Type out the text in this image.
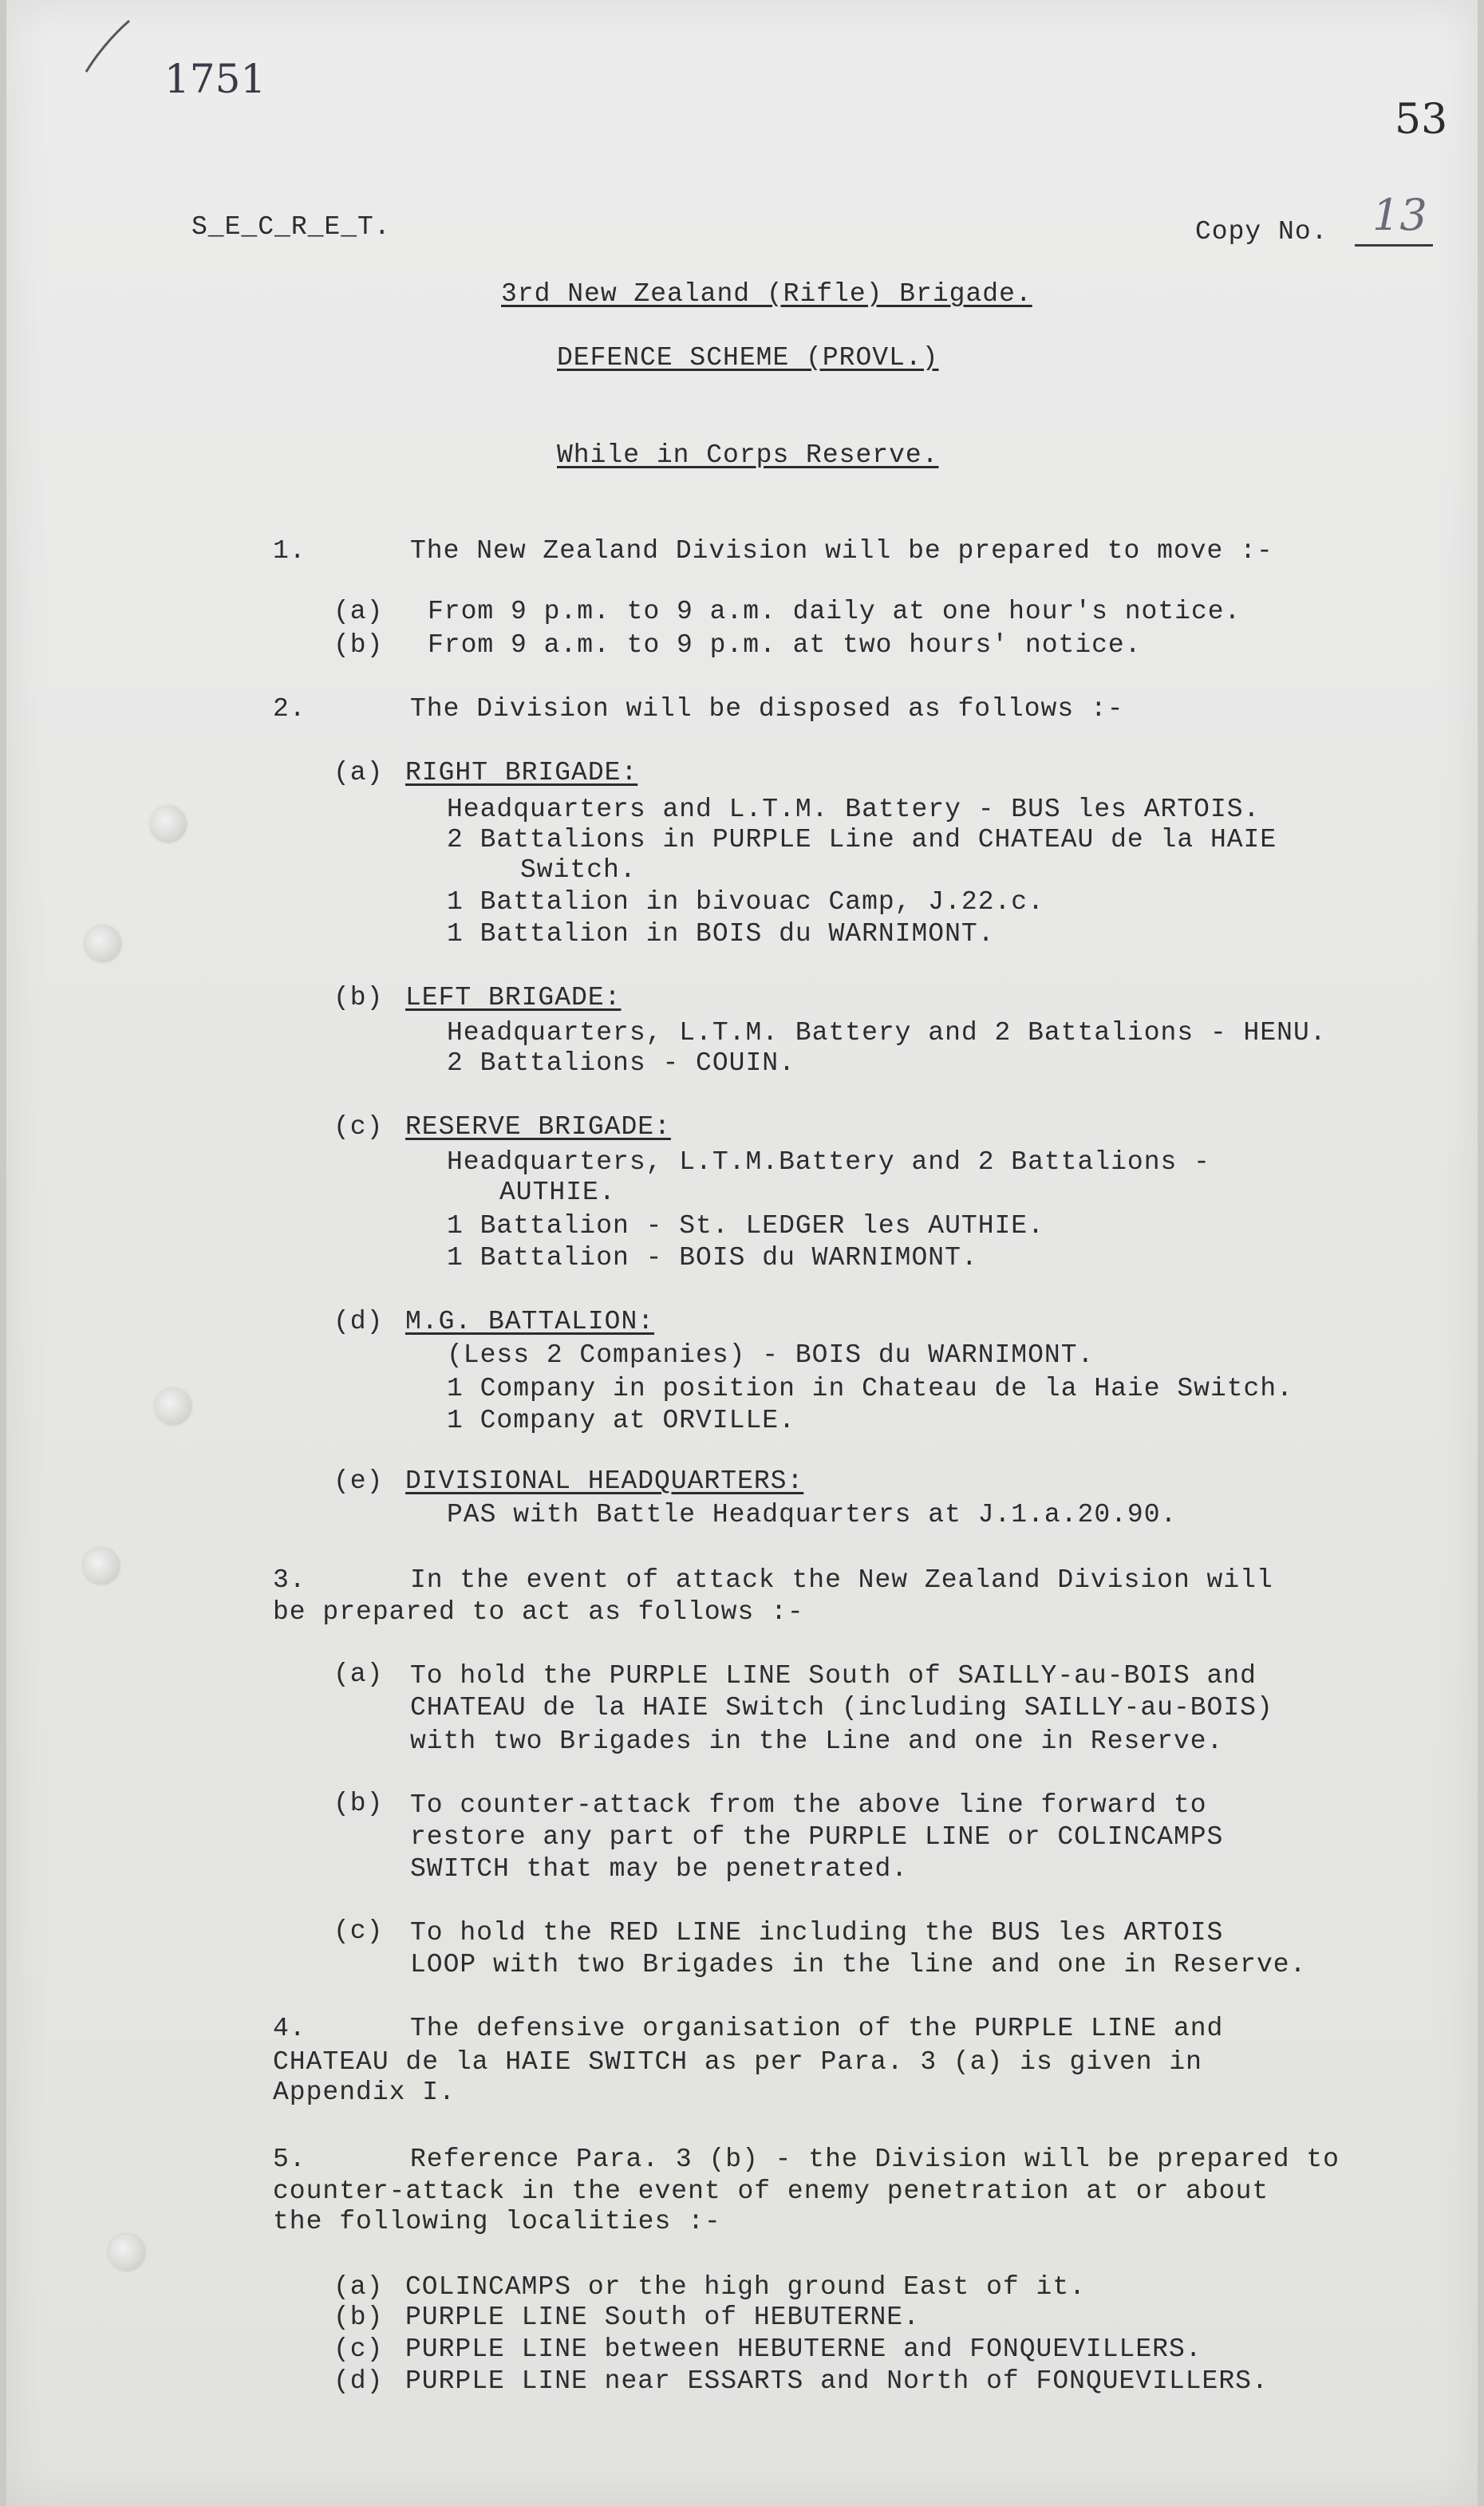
1751
53
S_E_C_R_E_T.	Copy No. 13
3rd New Zealand (Rifle) Brigade.
DEFENCE SCHEME (PROVL.)
While in Corps Reserve.
1.	The New Zealand Division will be prepared to move :-
(a) From 9 p.m. to 9 a.m. daily at one hour's notice.
(b) From 9 a.m. to 9 p.m. at two hours' notice.
2.	The Division will be disposed as follows :-
(a) RIGHT BRIGADE:
Headquarters and L.T.M. Battery - BUS les ARTOIS.
2 Battalions in PURPLE Line and CHATEAU de la HAIE
Switch.
1 Battalion in bivouac Camp, J.22.c.
1 Battalion in BOIS du WARNIMONT.
(b) LEFT BRIGADE:
Headquarters, L.T.M. Battery and 2 Battalions - HENU.
2 Battalions - COUIN.
(c) RESERVE BRIGADE:
Headquarters, L.T.M.Battery and 2 Battalions -
AUTHIE.
1 Battalion - St. LEDGER les AUTHIE.
1 Battalion - BOIS du WARNIMONT.
(d) M.G. BATTALION:
(Less 2 Companies) - BOIS du WARNIMONT.
1 Company in position in Chateau de la Haie Switch.
1 Company at ORVILLE.
(e) DIVISIONAL HEADQUARTERS:
PAS with Battle Headquarters at J.1.a.20.90.
3.	In the event of attack the New Zealand Division will
be prepared to act as follows :-
(a) To hold the PURPLE LINE South of SAILLY-au-BOIS and
CHATEAU de la HAIE Switch (including SAILLY-au-BOIS)
with two Brigades in the Line and one in Reserve.
(b) To counter-attack from the above line forward to
restore any part of the PURPLE LINE or COLINCAMPS
SWITCH that may be penetrated.
(c) To hold the RED LINE including the BUS les ARTOIS
LOOP with two Brigades in the line and one in Reserve.
4.	The defensive organisation of the PURPLE LINE and
CHATEAU de la HAIE SWITCH as per Para. 3 (a) is given in
Appendix I.
5.	Reference Para. 3 (b) - the Division will be prepared to
counter-attack in the event of enemy penetration at or about
the following localities :-
(a) COLINCAMPS or the high ground East of it.
(b) PURPLE LINE South of HEBUTERNE.
(c) PURPLE LINE between HEBUTERNE and FONQUEVILLERS.
(d) PURPLE LINE near ESSARTS and North of FONQUEVILLERS.
